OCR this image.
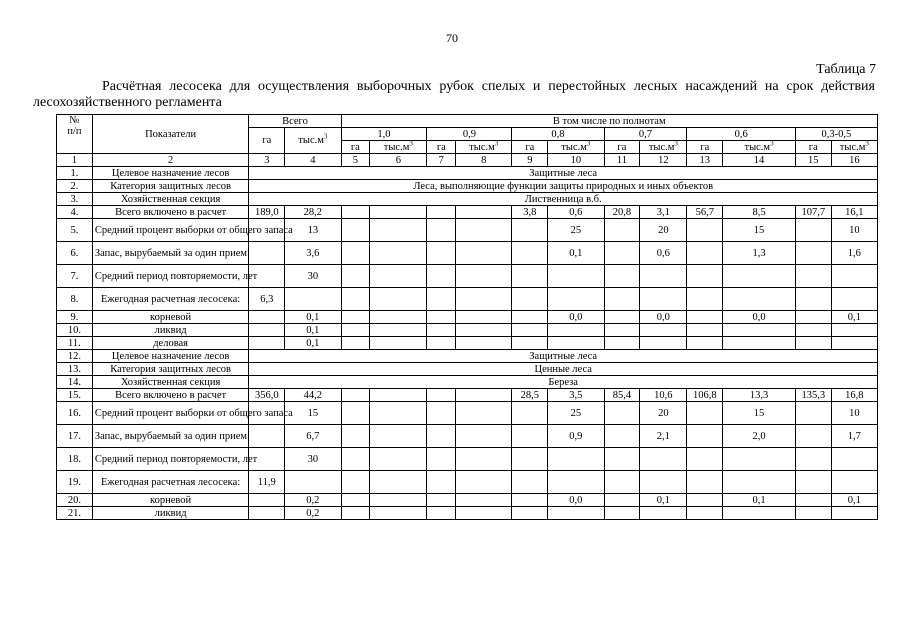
70
Таблица 7
Расчётная лесосека для осуществления выборочных рубок спелых и перестойных лесных насаждений на срок действия лесохозяйственного регламента
№
п/п	Показатели	Всего		В том числе по полнотам											
		га	$тыс.м^3$	1,0		0,9		0,8		0,7		0,6		0,3-0,5	
				га	$тыс.м^3$	га	$тыс.м^3$	га	$тыс.м^3$	га	$тыс.м^3$	га	$тыс.м^3$	га	$тыс.м^3$
1	2	3	4	5	6	7	8	9	10	11	12	13	14	15	16
1.	Целевое назначение лесов	Защитные леса													
2.	Категория защитных лесов	Леса, выполняющие функции защиты природных и иных объектов													
3.	Хозяйственная секция	Лиственница в.б.													
4.	Всего включено в расчет	189,0	28,2					3,8	0,6	20,8	3,1	56,7	8,5	107,7	16,1
5.	Средний процент выборки от общего запаса		13						25		20		15		10
6.	Запас, вырубаемый за один прием		3,6						0,1		0,6		1,3		1,6
7.	Средний период повторяемости, лет		30												
8.	Ежегодная расчетная лесосека:	6,3													
9.	корневой		0,1						0,0		0,0		0,0		0,1
10.	ликвид		0,1												
11.	деловая		0,1												
12.	Целевое назначение лесов	Защитные леса													
13.	Категория защитных лесов	Ценные леса													
14.	Хозяйственная секция	Береза													
15.	Всего включено в расчет	356,0	44,2					28,5	3,5	85,4	10,6	106,8	13,3	135,3	16,8
16.	Средний процент выборки от общего запаса		15						25		20		15		10
17.	Запас, вырубаемый за один прием		6,7						0,9		2,1		2,0		1,7
18.	Средний период повторяемости, лет		30												
19.	Ежегодная расчетная лесосека:	11,9													
20.	корневой		0,2						0,0		0,1		0,1		0,1
21.	ликвид		0,2												
